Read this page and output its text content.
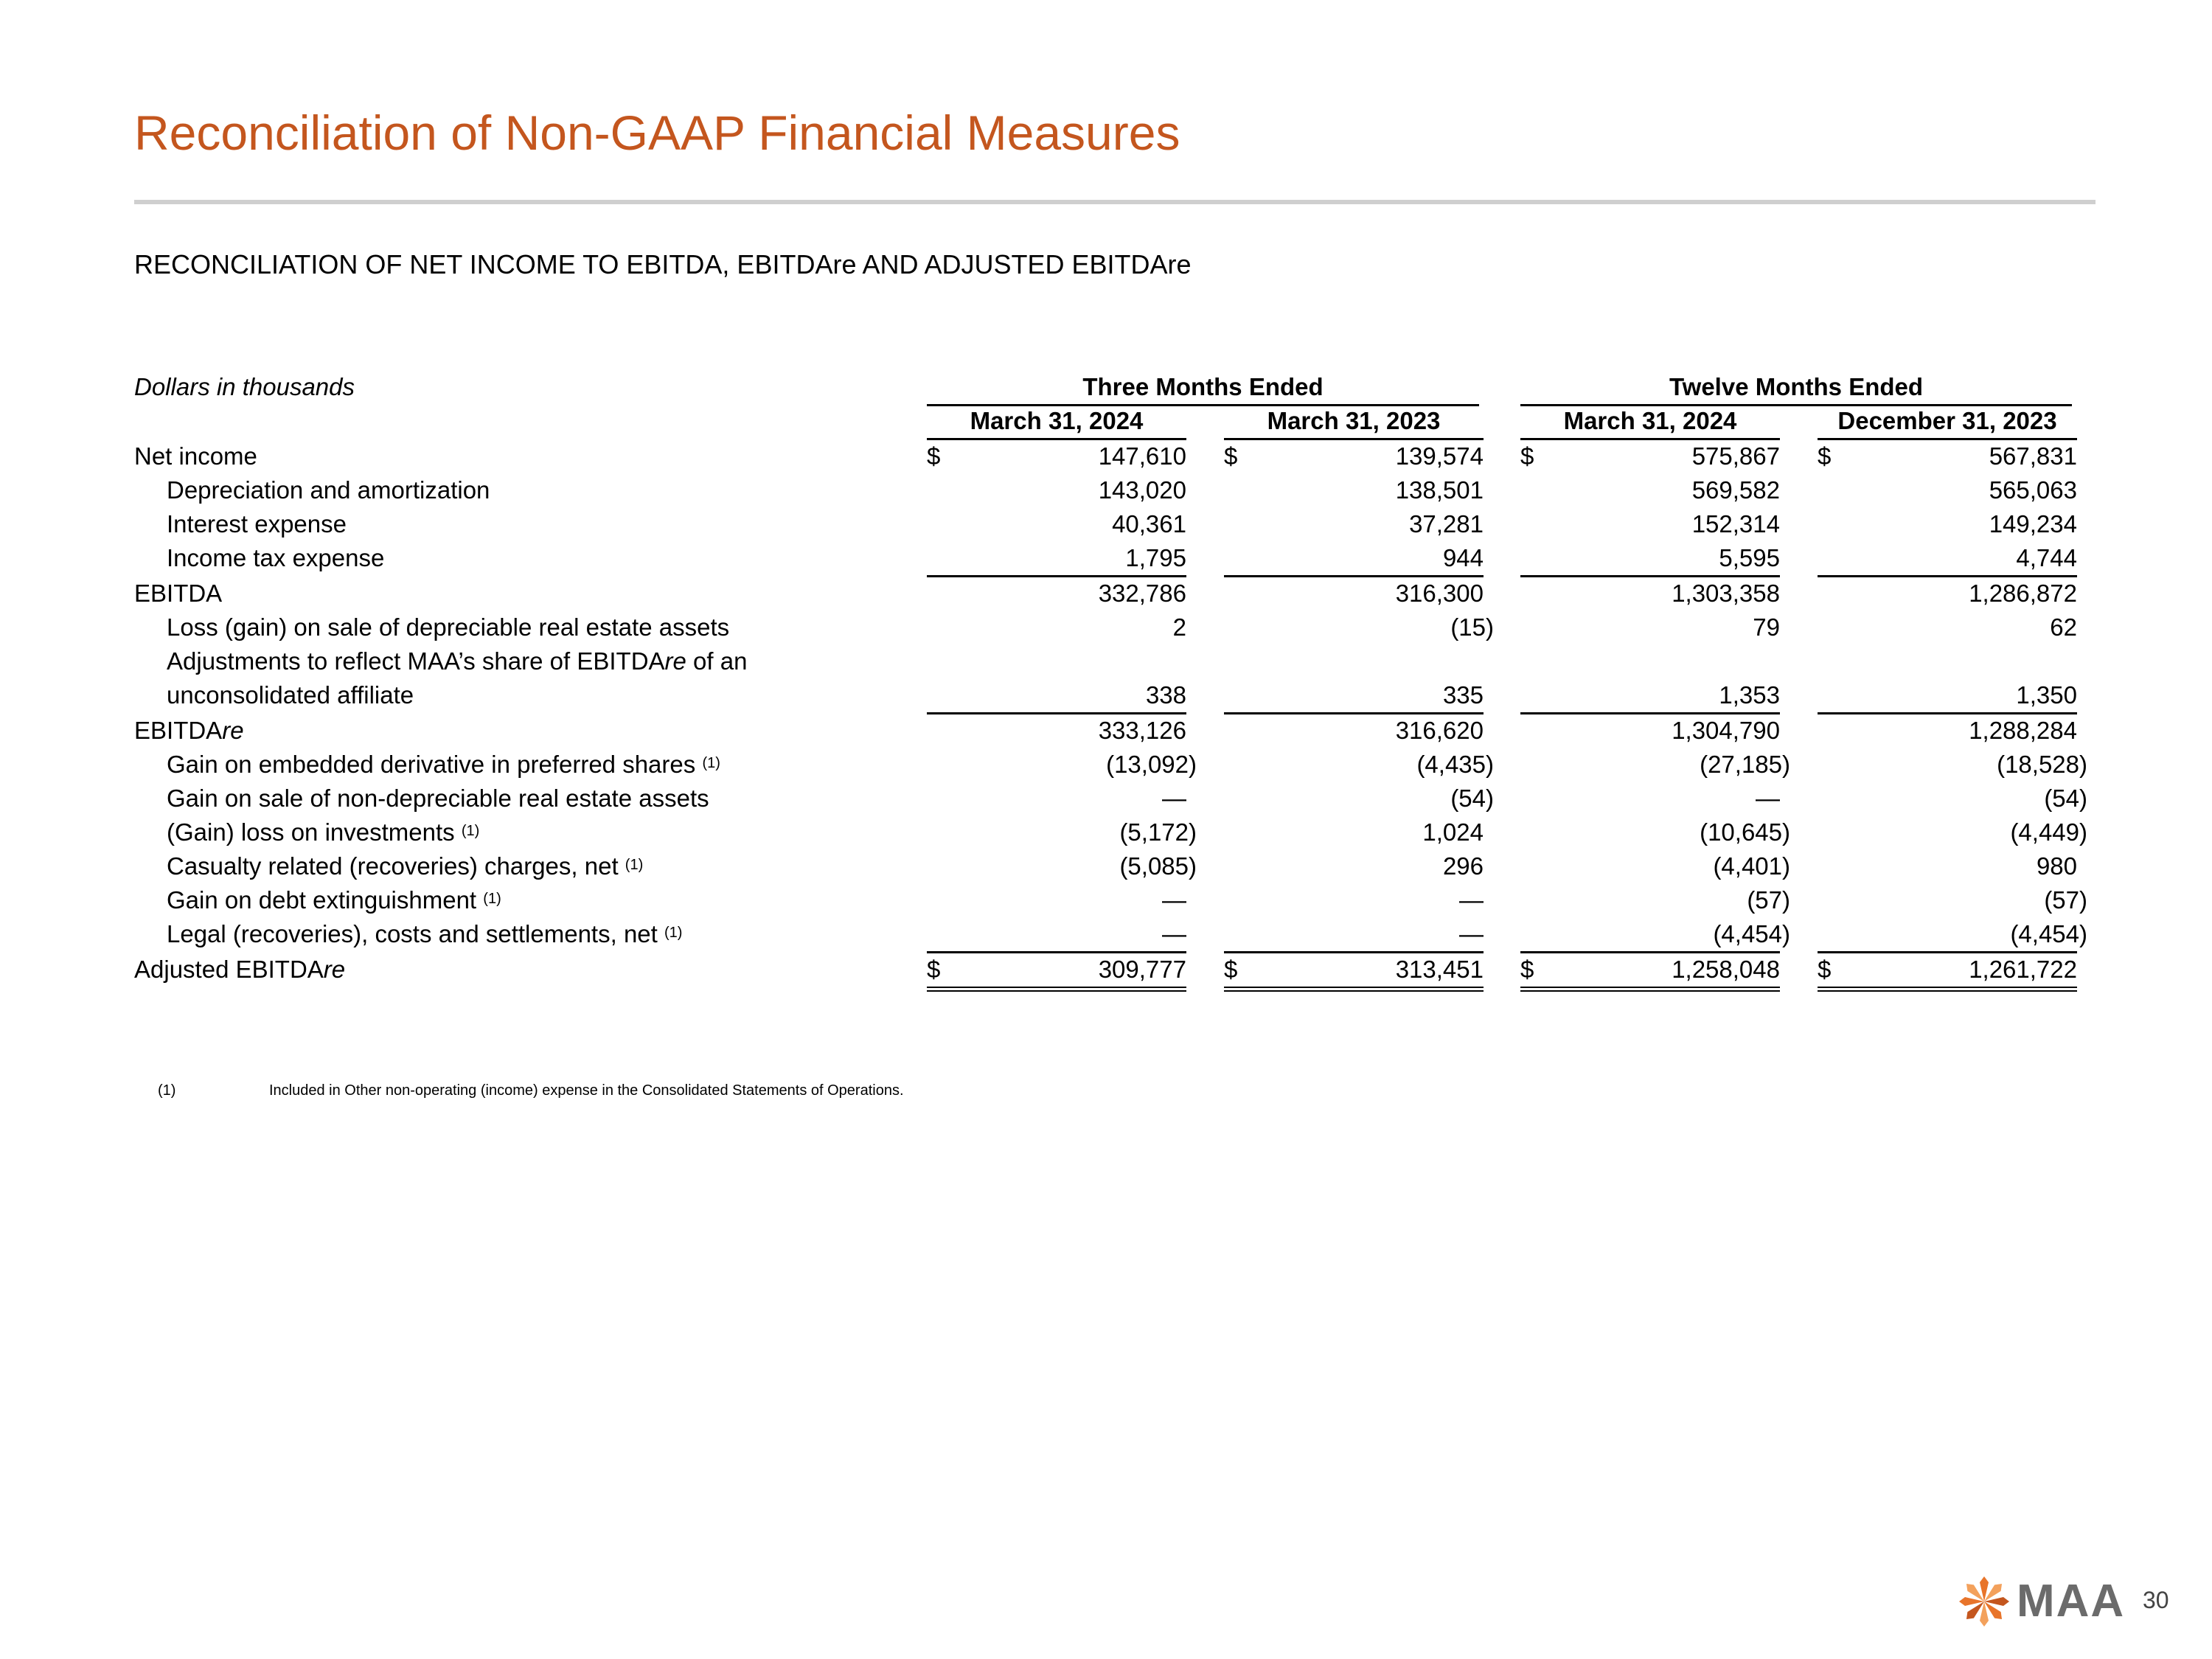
Reconciliation of Non-GAAP Financial Measures
RECONCILIATION OF NET INCOME TO EBITDA, EBITDAre AND ADJUSTED EBITDAre
Dollars in thousands	Three Months Ended	Twelve Months Ended
March 31, 2024	March 31, 2023	March 31, 2024	December 31, 2023
Net income	$	147,610 $	139,574 $	575,867 $	567,831
Depreciation and amortization	143,020	138,501	569,582	565,063
Interest expense	40,361	37,281	152,314	149,234
Income tax expense	1,795	944	5,595	4,744
EBITDA	332,786	316,300	1,303,358	1,286,872
Loss (gain) on sale of depreciable real estate assets	2	(15)	79	62
Adjustments to reflect MAA’s share of EBITDAre of an
unconsolidated affiliate	338	335	1,353	1,350
EBITDAre	333,126	316,620	1,304,790	1,288,284
Gain on embedded derivative in preferred shares $^{(1)}$	(13,092)	(4,435)	(27,185)	(18,528)
Gain on sale of non-depreciable real estate assets	—	(54)	—	(54)
(Gain) loss on investments $^{(1)}$	(5,172)	1,024	(10,645)	(4,449)
Casualty related (recoveries) charges, net $^{(1)}$	(5,085)	296	(4,401)	980
Gain on debt extinguishment $^{(1)}$	—	—	(57)	(57)
Legal (recoveries), costs and settlements, net $^{(1)}$	—	—	(4,454)	(4,454)
Adjusted EBITDAre	$	309,777 $	313,451 $	1,258,048 $	1,261,722
(1)	Included in Other non-operating (income) expense in the Consolidated Statements of Operations.
MAA 30
